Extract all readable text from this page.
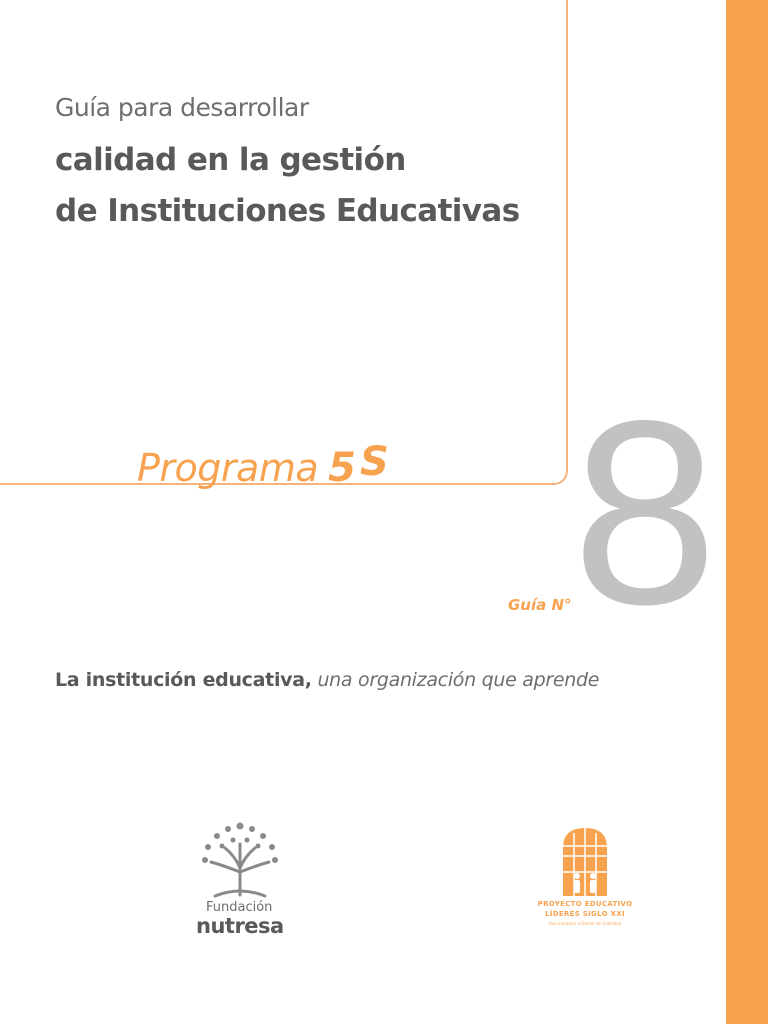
Guía para desarrollar
calidad en la gestión
de Instituciones Educativas
Programa 5 S
Guía N° 8
La institución educativa, una organización que aprende
Fundación
nutresa
PROYECTO EDUCATIVO
LÍDERES SIGLO XXI
Una iniciativa al Sector de Colombia
